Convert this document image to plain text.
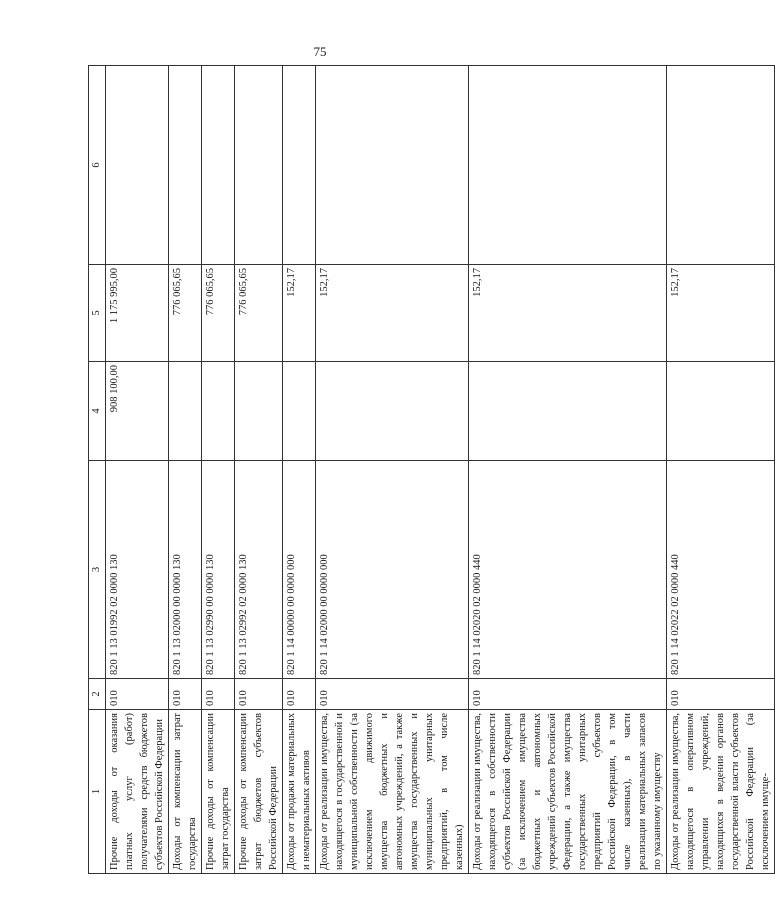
75
1	2	3	4	5	6
Прочие доходы от оказания платных услуг (работ) получателями средств бюджетов субъектов Российской Федерации	010	820 1 13 01992 02 0000 130	908 100,00	1 175 995,00	
Доходы от компенсации затрат государства	010	820 1 13 02000 00 0000 130		776 065,65	
Прочие доходы от компенсации затрат государства	010	820 1 13 02990 00 0000 130		776 065,65	
Прочие доходы от компенсации затрат бюджетов субъектов Российской Федерации	010	820 1 13 02992 02 0000 130		776 065,65	
Доходы от продажи материальных и нематериальных активов	010	820 1 14 00000 00 0000 000		152,17	
Доходы от реализации имущества, находящегося в государственной и муниципальной собственности (за исключением движимого имущества бюджетных и автономных учреждений, а также имущества государственных и муниципальных унитарных предприятий, в том числе казенных)	010	820 1 14 02000 00 0000 000		152,17	
Доходы от реализации имущества, находящегося в собственности субъектов Российской Федерации (за исключением имущества бюджетных и автономных учреждений субъектов Российской Федерации, а также имущества государственных унитарных предприятий субъектов Российской Федерации, в том числе казенных), в части реализации материальных запасов по указанному имуществу	010	820 1 14 02020 02 0000 440		152,17	
Доходы от реализации имущества, находящегося в оперативном управлении учреждений, находящихся в ведении органов государственной власти субъектов Российской Федерации (за исключением имуще-	010	820 1 14 02022 02 0000 440		152,17	
